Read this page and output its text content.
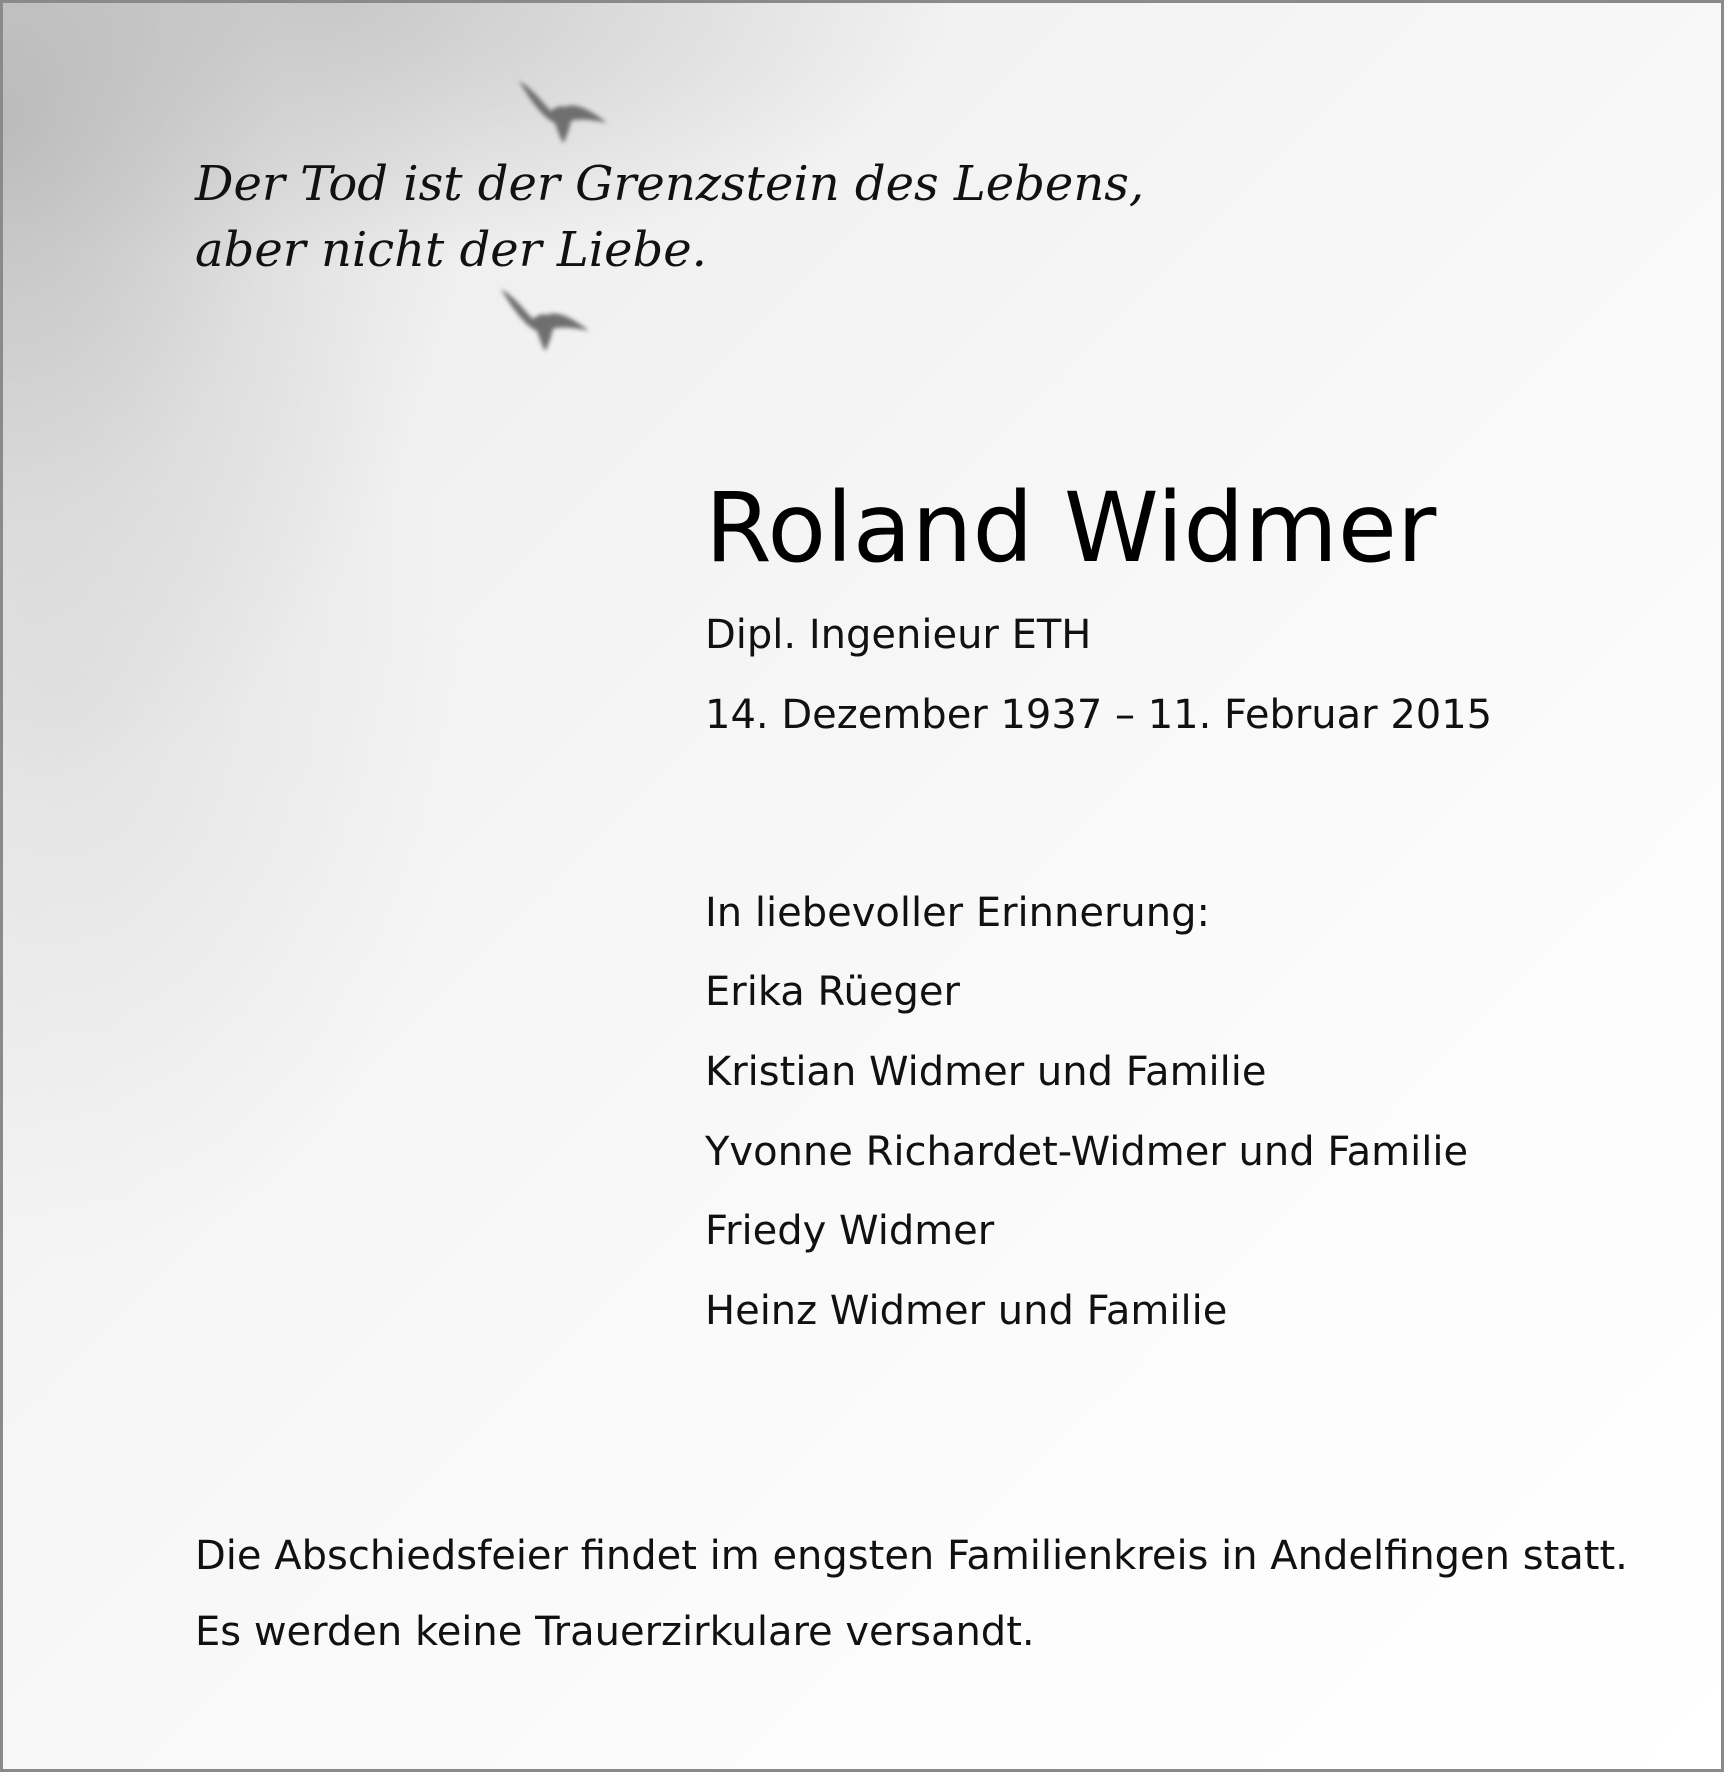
Der Tod ist der Grenzstein des Lebens,
aber nicht der Liebe.

Roland Widmer
Dipl. Ingenieur ETH
14. Dezember 1937 – 11. Februar 2015
In liebevoller Erinnerung:
Erika Rüeger
Kristian Widmer und Familie
Yvonne Richardet-Widmer und Familie
Friedy Widmer
Heinz Widmer und Familie
Die Abschiedsfeier findet im engsten Familienkreis in Andelfingen statt.
Es werden keine Trauerzirkulare versandt.
